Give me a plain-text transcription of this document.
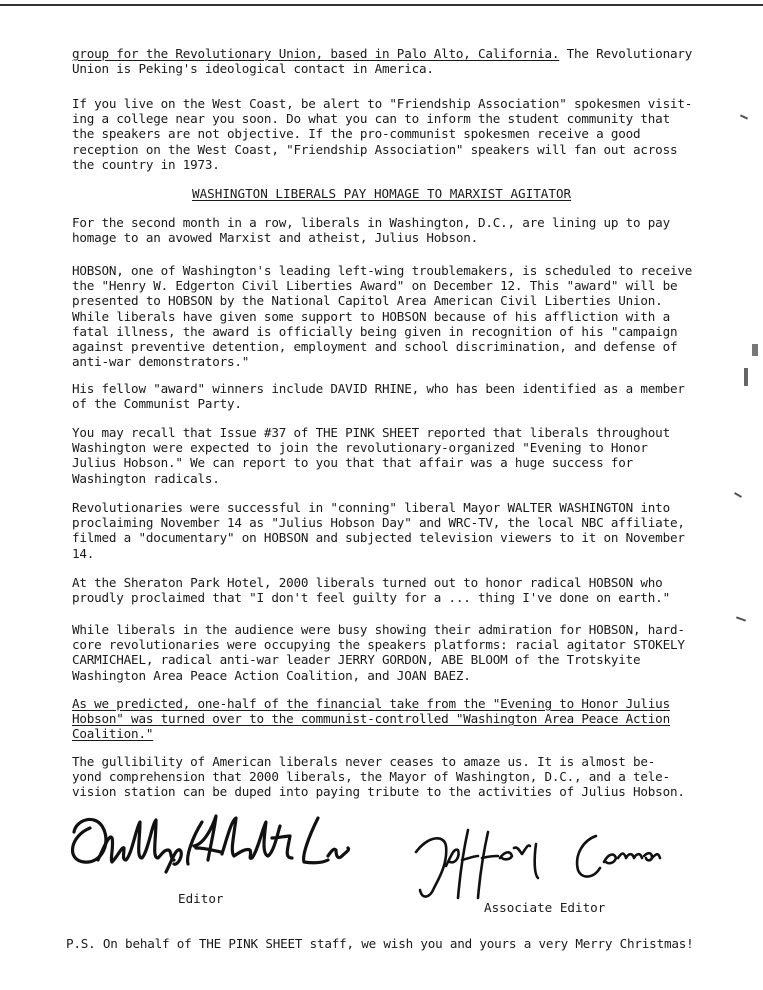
group for the Revolutionary Union, based in Palo Alto, California. The Revolutionary
Union is Peking's ideological contact in America.
If you live on the West Coast, be alert to "Friendship Association" spokesmen visit-
ing a college near you soon. Do what you can to inform the student community that
the speakers are not objective. If the pro-communist spokesmen receive a good
reception on the West Coast, "Friendship Association" speakers will fan out across
the country in 1973.
WASHINGTON LIBERALS PAY HOMAGE TO MARXIST AGITATOR
For the second month in a row, liberals in Washington, D.C., are lining up to pay
homage to an avowed Marxist and atheist, Julius Hobson.
HOBSON, one of Washington's leading left-wing troublemakers, is scheduled to receive
the "Henry W. Edgerton Civil Liberties Award" on December 12. This "award" will be
presented to HOBSON by the National Capitol Area American Civil Liberties Union.
While liberals have given some support to HOBSON because of his affliction with a
fatal illness, the award is officially being given in recognition of his "campaign
against preventive detention, employment and school discrimination, and defense of
anti-war demonstrators."
His fellow "award" winners include DAVID RHINE, who has been identified as a member
of the Communist Party.
You may recall that Issue #37 of THE PINK SHEET reported that liberals throughout
Washington were expected to join the revolutionary-organized "Evening to Honor
Julius Hobson." We can report to you that that affair was a huge success for
Washington radicals.
Revolutionaries were successful in "conning" liberal Mayor WALTER WASHINGTON into
proclaiming November 14 as "Julius Hobson Day" and WRC-TV, the local NBC affiliate,
filmed a "documentary" on HOBSON and subjected television viewers to it on November
14.
At the Sheraton Park Hotel, 2000 liberals turned out to honor radical HOBSON who
proudly proclaimed that "I don't feel guilty for a ... thing I've done on earth."
While liberals in the audience were busy showing their admiration for HOBSON, hard-
core revolutionaries were occupying the speakers platforms: racial agitator STOKELY
CARMICHAEL, radical anti-war leader JERRY GORDON, ABE BLOOM of the Trotskyite
Washington Area Peace Action Coalition, and JOAN BAEZ.
As we predicted, one-half of the financial take from the "Evening to Honor Julius
Hobson" was turned over to the communist-controlled "Washington Area Peace Action
Coalition."
The gullibility of American liberals never ceases to amaze us. It is almost be-
yond comprehension that 2000 liberals, the Mayor of Washington, D.C., and a tele-
vision station can be duped into paying tribute to the activities of Julius Hobson.
Editor
Associate Editor
P.S. On behalf of THE PINK SHEET staff, we wish you and yours a very Merry Christmas!
